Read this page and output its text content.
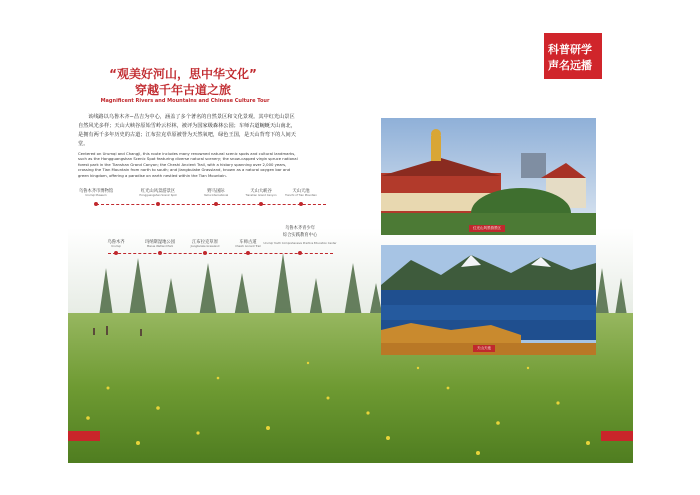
“观美好河山，思中华文化”
穿越千年古道之旅
Magnificent Rivers and Mountains and Chinese Culture Tour
该线路以乌鲁木齐−昌吉为中心，涵盖了多个著名的自然景区和文化景观。其中红光山景区自然风光多样；天山大峡谷原始雪岭云杉林，被评为国家级森林公园；车师古道蜿蜒天山南北，是拥有两千多年历史的古道；江布拉克草原被誉为天然氧吧，绿色王国，是天山背弯下的人间天堂。
Centered on Urumqi and Changji, this route includes many renowned natural scenic spots and cultural landmarks, such as the Hongguangshan Scenic Spot featuring diverse natural scenery; the snow-capped virgin spruce national forest park in the Tianshan Grand Canyon; the Cheshi Ancient Trail, with a history spanning over 2,000 years, crossing the Tian Mountain from north to south; and Jiangbulake Grassland, known as a natural oxygen bar and green kingdom, offering a paradise on earth nestled within the Tian Mountain.
乌鲁木齐市博物馆
Urumqi Museum
红光山风景游景区
Hongguangshan Scenic Spot
野马国际
Yema International
天山大峡谷
Tianshan Grand Canyon
天山天池
Tianchi of Tian Mountain
乌鲁木齐
Urumqi
玛纳斯湿地公园
Manas Wetland Park
江布拉克草原
Jiangbulake Grassland
车师古道
Cheshi Ancient Trail
乌鲁木齐青少年
综合实践教育中心
Urumqi Youth Comprehensive Practice Education Center
红光山风景游景区
天山天池
科普研学
声名远播
